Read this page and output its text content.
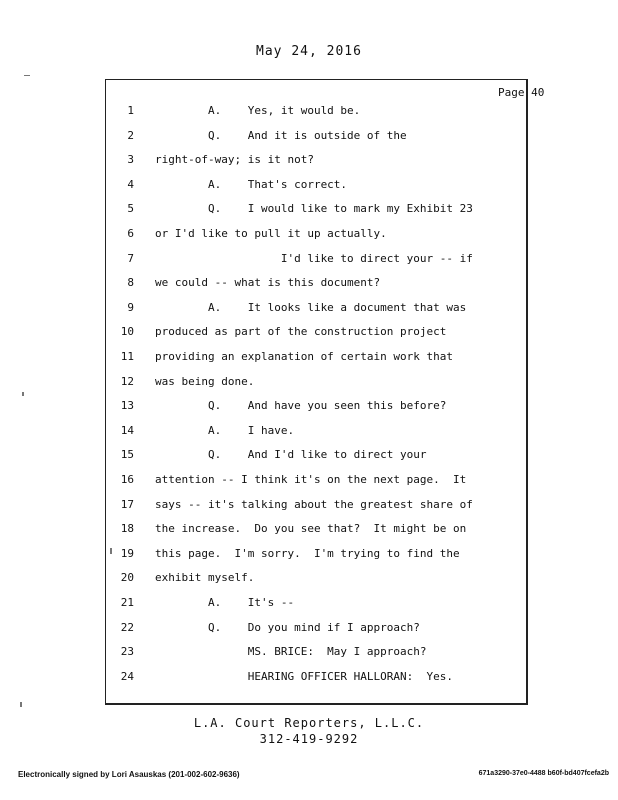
May 24, 2016
Page 40
1 A.    Yes, it would be.
2 Q.    And it is outside of the
3 right-of-way; is it not?
4 A.    That's correct.
5 Q.    I would like to mark my Exhibit 23
6 or I'd like to pull it up actually.
7 I'd like to direct your -- if
8 we could -- what is this document?
9 A.    It looks like a document that was
10 produced as part of the construction project
11 providing an explanation of certain work that
12 was being done.
13 Q.    And have you seen this before?
14 A.    I have.
15 Q.    And I'd like to direct your
16 attention -- I think it's on the next page.  It
17 says -- it's talking about the greatest share of
18 the increase.  Do you see that?  It might be on
19 this page.  I'm sorry.  I'm trying to find the
20 exhibit myself.
21 A.    It's --
22 Q.    Do you mind if I approach?
23 MS. BRICE:  May I approach?
24 HEARING OFFICER HALLORAN:  Yes.
L.A. Court Reporters, L.L.C.
312-419-9292
Electronically signed by Lori Asauskas (201-002-602-9636)	671a3290-37e0-4488 b60f-bd407fcefa2b
